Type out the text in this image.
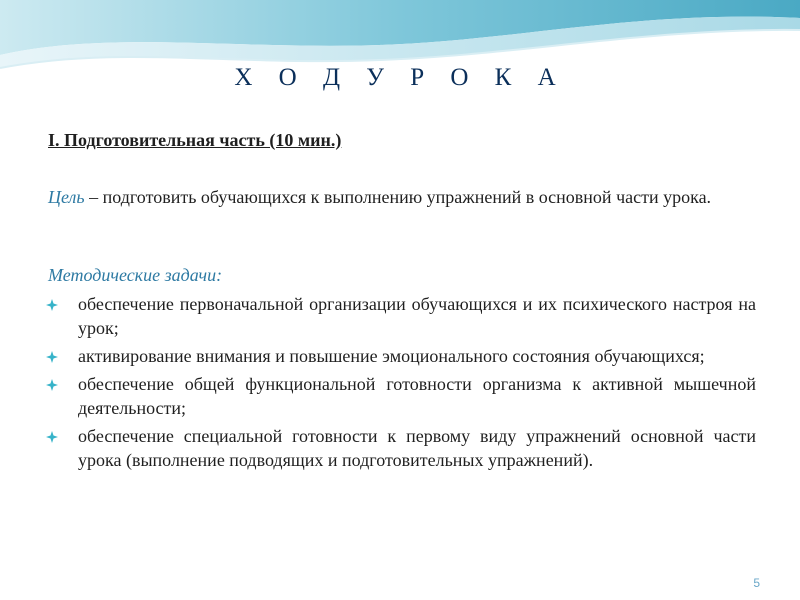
Х О Д У Р О К А
I. Подготовительная часть (10 мин.)
Цель – подготовить обучающихся к выполнению упражнений в основной части урока.
Методические задачи:
обеспечение первоначальной организации обучающихся и их психического настроя на урок;
активирование внимания и повышение эмоционального состояния обучающихся;
обеспечение общей функциональной готовности организма к активной мышечной деятельности;
обеспечение специальной готовности к первому виду упражнений основной части урока (выполнение подводящих и подготовительных упражнений).
5
